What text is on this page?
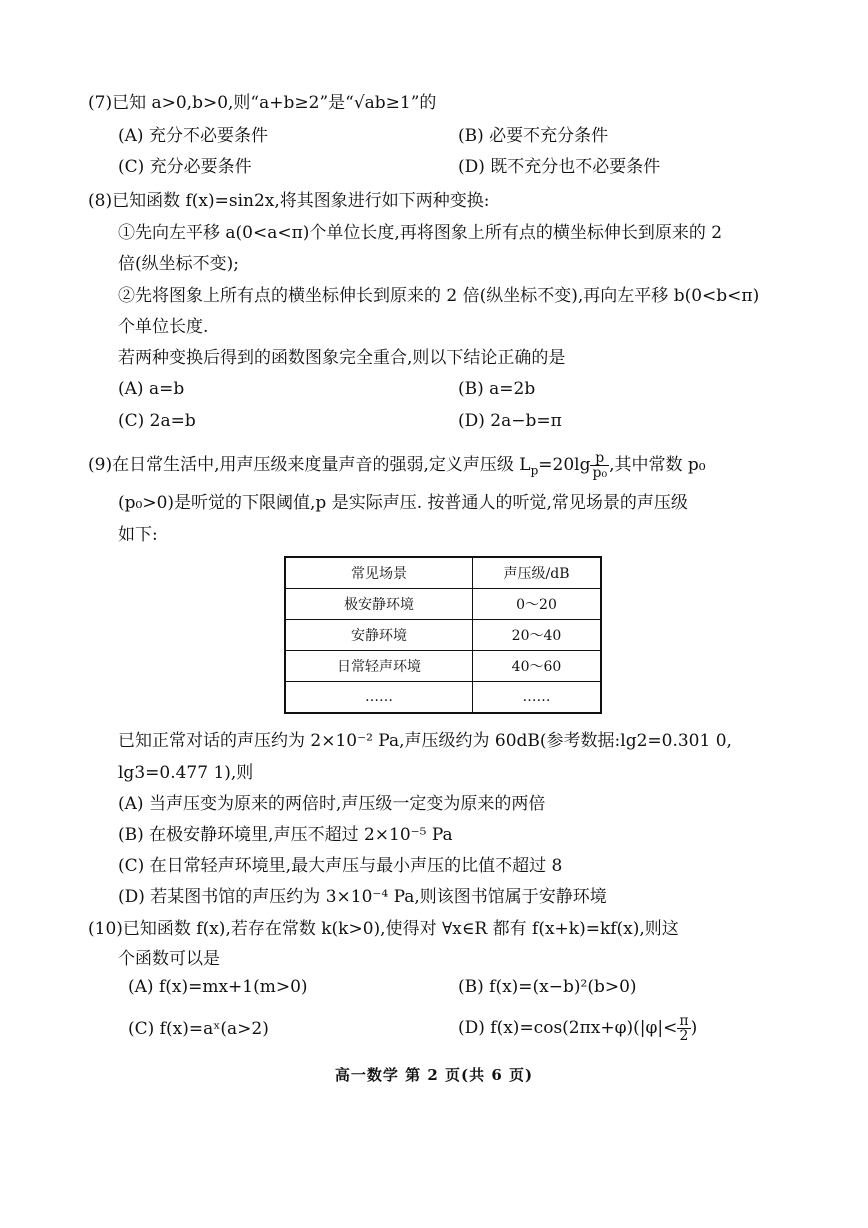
(7)已知 a>0,b>0,则“a+b≥2”是“√ab≥1”的
(A) 充分不必要条件	(B) 必要不充分条件
(C) 充分必要条件	(D) 既不充分也不必要条件
(8)已知函数 f(x)=sin2x,将其图象进行如下两种变换:
①先向左平移 a(0<a<π)个单位长度,再将图象上所有点的横坐标伸长到原来的 2
倍(纵坐标不变);
②先将图象上所有点的横坐标伸长到原来的 2 倍(纵坐标不变),再向左平移 b(0<b<π)
个单位长度.
若两种变换后得到的函数图象完全重合,则以下结论正确的是
(A) a=b	(B) a=2b
(C) 2a=b	(D) 2a−b=π
(9)在日常生活中,用声压级来度量声音的强弱,定义声压级 $L_p=20\lg \frac{p}{\text{p₀}}$ ,其中常数 p₀
(p₀>0)是听觉的下限阈值,p 是实际声压. 按普通人的听觉,常见场景的声压级
如下:
常见场景	声压级/dB
极安静环境	0～20
安静环境	20～40
日常轻声环境	40～60
……	……
已知正常对话的声压约为 2×10⁻² Pa,声压级约为 60dB(参考数据:lg2=0.301 0,
lg3=0.477 1),则
(A) 当声压变为原来的两倍时,声压级一定变为原来的两倍
(B) 在极安静环境里,声压不超过 2×10⁻⁵ Pa
(C) 在日常轻声环境里,最大声压与最小声压的比值不超过 8
(D) 若某图书馆的声压约为 3×10⁻⁴ Pa,则该图书馆属于安静环境
(10)已知函数 f(x),若存在常数 k(k>0),使得对 ∀x∈R 都有 f(x+k)=kf(x),则这
个函数可以是
(A) f(x)=mx+1(m>0)	(B) f(x)=(x−b)²(b>0)
(C) f(x)=aˣ(a>2)	(D) $f(x)=\cos(2\pi x+\varphi)(|\varphi|< \frac{\pi}{2}$ )
高一数学 第 2 页(共 6 页)
